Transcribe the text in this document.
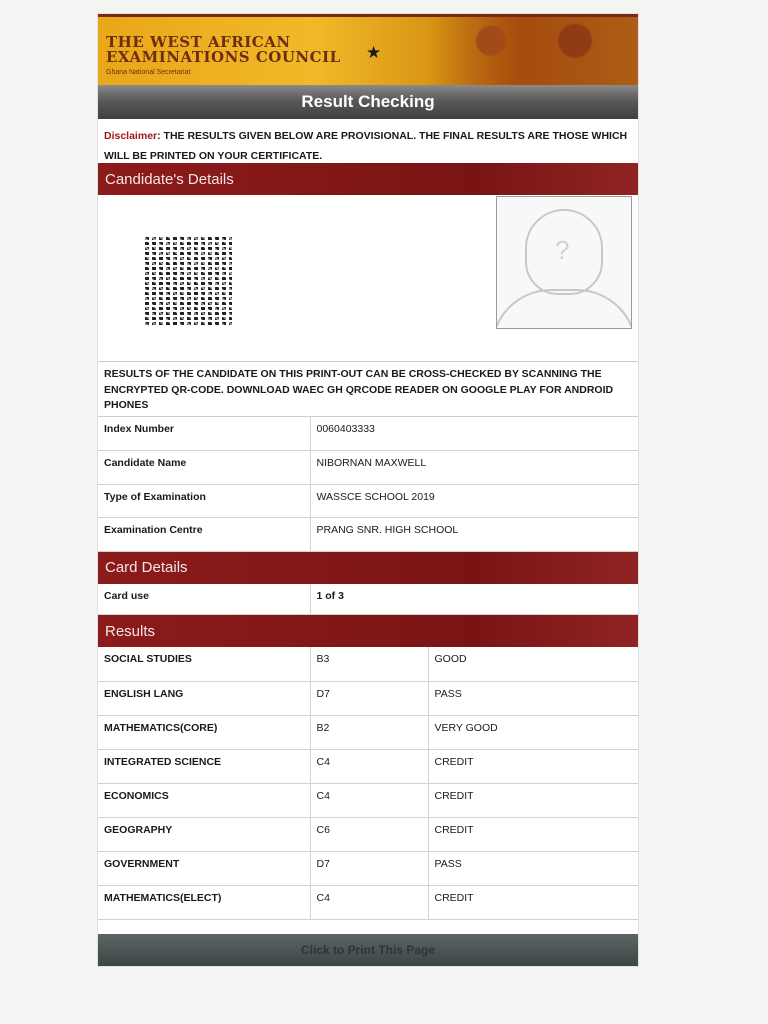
THE WEST AFRICAN
EXAMINATIONS COUNCIL
Ghana National Secretariat
★
Result Checking
Disclaimer: THE RESULTS GIVEN BELOW ARE PROVISIONAL. THE FINAL RESULTS ARE THOSE WHICH WILL BE PRINTED ON YOUR CERTIFICATE.
Candidate's Details
?
RESULTS OF THE CANDIDATE ON THIS PRINT-OUT CAN BE CROSS-CHECKED BY SCANNING THE ENCRYPTED QR-CODE. DOWNLOAD WAEC GH QRCODE READER ON GOOGLE PLAY FOR ANDROID PHONES
Index Number	0060403333
Candidate Name	NIBORNAN MAXWELL
Type of Examination	WASSCE SCHOOL 2019
Examination Centre	PRANG SNR. HIGH SCHOOL
Card Details
Card use	1 of 3
Results
SOCIAL STUDIES	B3	GOOD
ENGLISH LANG	D7	PASS
MATHEMATICS(CORE)	B2	VERY GOOD
INTEGRATED SCIENCE	C4	CREDIT
ECONOMICS	C4	CREDIT
GEOGRAPHY	C6	CREDIT
GOVERNMENT	D7	PASS
MATHEMATICS(ELECT)	C4	CREDIT
Click to Print This Page
